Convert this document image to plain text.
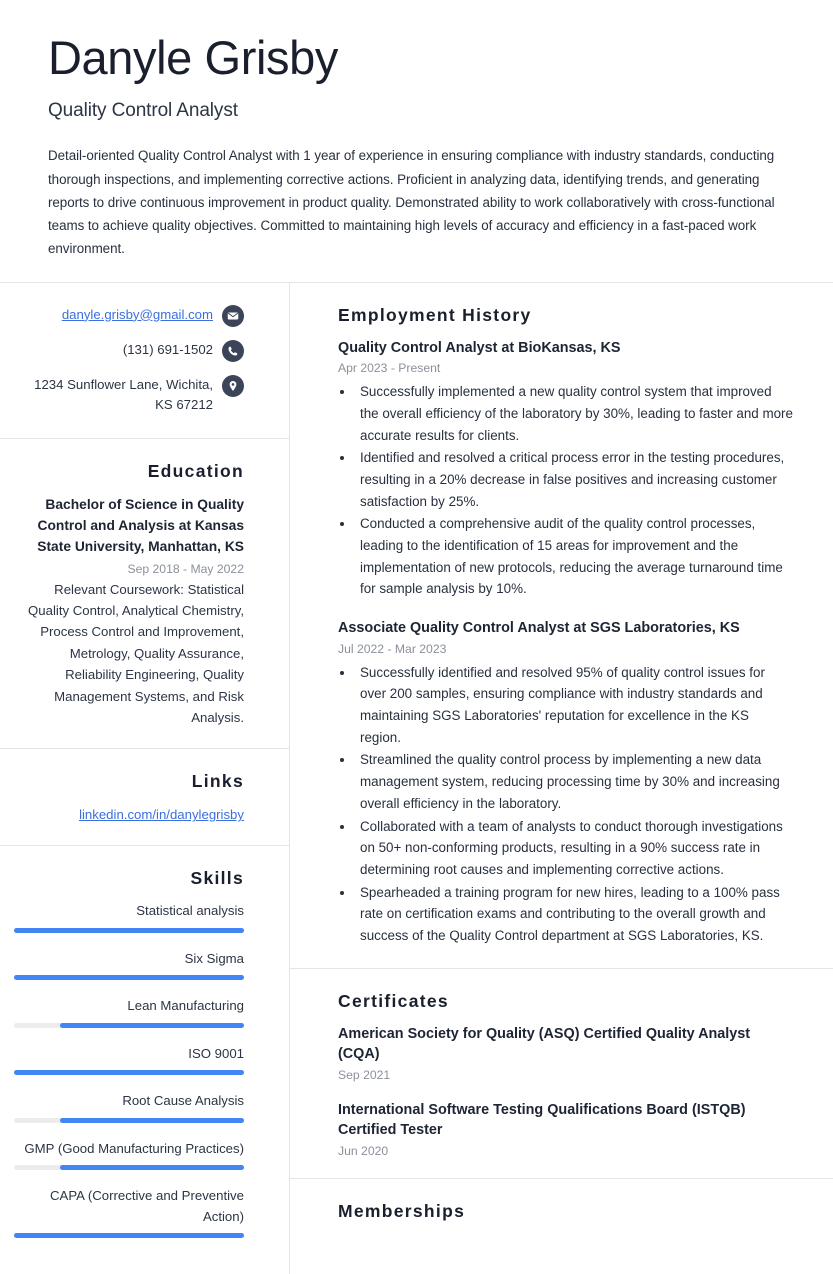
Danyle Grisby
Quality Control Analyst
Detail-oriented Quality Control Analyst with 1 year of experience in ensuring compliance with industry standards, conducting thorough inspections, and implementing corrective actions. Proficient in analyzing data, identifying trends, and generating reports to drive continuous improvement in product quality. Demonstrated ability to work collaboratively with cross-functional teams to achieve quality objectives. Committed to maintaining high levels of accuracy and efficiency in a fast-paced work environment.
danyle.grisby@gmail.com
(131) 691-1502
1234 Sunflower Lane, Wichita, KS 67212
Education
Bachelor of Science in Quality Control and Analysis at Kansas State University, Manhattan, KS
Sep 2018 - May 2022
Relevant Coursework: Statistical Quality Control, Analytical Chemistry, Process Control and Improvement, Metrology, Quality Assurance, Reliability Engineering, Quality Management Systems, and Risk Analysis.
Links
linkedin.com/in/danylegrisby
Skills
Statistical analysis
Six Sigma
Lean Manufacturing
ISO 9001
Root Cause Analysis
GMP (Good Manufacturing Practices)
CAPA (Corrective and Preventive Action)
Employment History
Quality Control Analyst at BioKansas, KS
Apr 2023 - Present
• Successfully implemented a new quality control system that improved the overall efficiency of the laboratory by 30%, leading to faster and more accurate results for clients.
• Identified and resolved a critical process error in the testing procedures, resulting in a 20% decrease in false positives and increasing customer satisfaction by 25%.
• Conducted a comprehensive audit of the quality control processes, leading to the identification of 15 areas for improvement and the implementation of new protocols, reducing the average turnaround time for sample analysis by 10%.
Associate Quality Control Analyst at SGS Laboratories, KS
Jul 2022 - Mar 2023
• Successfully identified and resolved 95% of quality control issues for over 200 samples, ensuring compliance with industry standards and maintaining SGS Laboratories' reputation for excellence in the KS region.
• Streamlined the quality control process by implementing a new data management system, reducing processing time by 30% and increasing overall efficiency in the laboratory.
• Collaborated with a team of analysts to conduct thorough investigations on 50+ non-conforming products, resulting in a 90% success rate in determining root causes and implementing corrective actions.
• Spearheaded a training program for new hires, leading to a 100% pass rate on certification exams and contributing to the overall growth and success of the Quality Control department at SGS Laboratories, KS.
Certificates
American Society for Quality (ASQ) Certified Quality Analyst (CQA)
Sep 2021
International Software Testing Qualifications Board (ISTQB) Certified Tester
Jun 2020
Memberships
